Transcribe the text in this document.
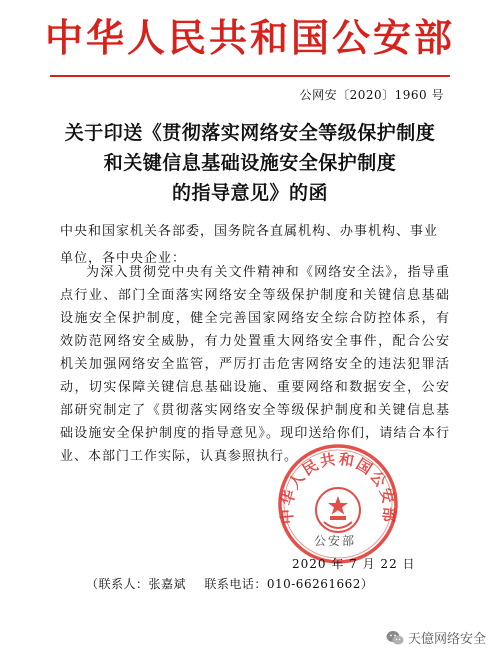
中华人民共和国公安部
公网安〔2020〕1960 号
关于印送《贯彻落实网络安全等级保护制度
和关键信息基础设施安全保护制度
的指导意见》的函
中央和国家机关各部委，国务院各直属机构、办事机构、事业单位，各中央企业：
为深入贯彻党中央有关文件精神和《网络安全法》，指导重点行业、部门全面落实网络安全等级保护制度和关键信息基础设施安全保护制度，健全完善国家网络安全综合防控体系，有效防范网络安全威胁，有力处置重大网络安全事件，配合公安机关加强网络安全监管，严厉打击危害网络安全的违法犯罪活动，切实保障关键信息基础设施、重要网络和数据安全，公安部研究制定了《贯彻落实网络安全等级保护制度和关键信息基础设施安全保护制度的指导意见》。现印送给你们，请结合本行业、本部门工作实际，认真参照执行。
中华人民共和国公安部
公安部
2020 年 7 月 22 日
（联系人：张嘉斌 联系电话：010-66261662）
天億网络安全
